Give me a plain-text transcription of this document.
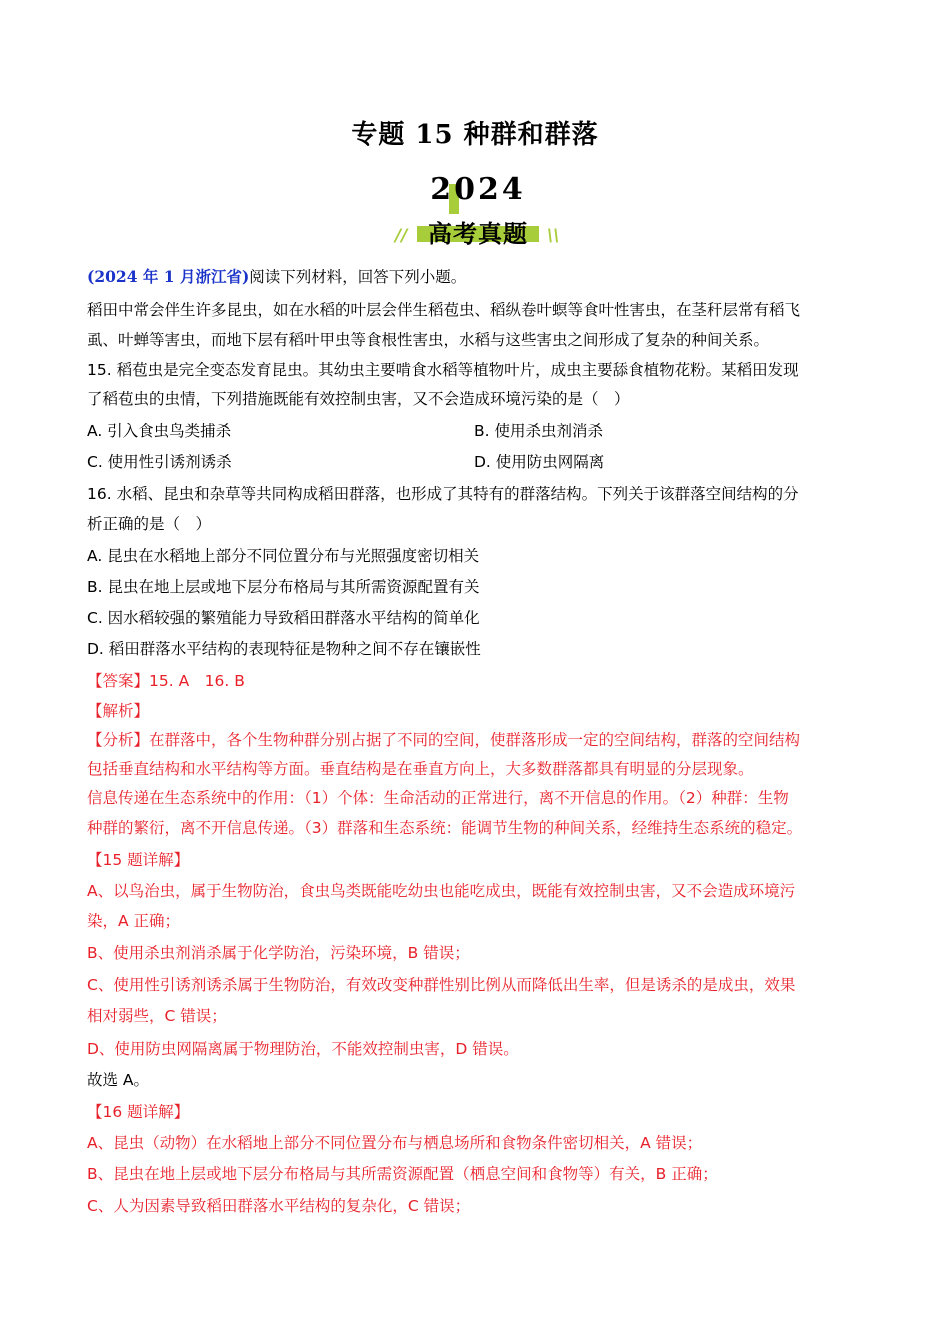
专题 15 种群和群落
2024
// 高考真题	\\
(2024 年 1 月浙江省)阅读下列材料，回答下列小题。
稻田中常会伴生许多昆虫，如在水稻的叶层会伴生稻苞虫、稻纵卷叶螟等食叶性害虫，在茎秆层常有稻飞
虱、叶蝉等害虫，而地下层有稻叶甲虫等食根性害虫，水稻与这些害虫之间形成了复杂的种间关系。
15. 稻苞虫是完全变态发育昆虫。其幼虫主要啃食水稻等植物叶片，成虫主要舔食植物花粉。某稻田发现
了稻苞虫的虫情，下列措施既能有效控制虫害，又不会造成环境污染的是（　）
A. 引入食虫鸟类捕杀	B. 使用杀虫剂消杀
C. 使用性引诱剂诱杀	D. 使用防虫网隔离
16. 水稻、昆虫和杂草等共同构成稻田群落，也形成了其特有的群落结构。下列关于该群落空间结构的分
析正确的是（　）
A. 昆虫在水稻地上部分不同位置分布与光照强度密切相关
B. 昆虫在地上层或地下层分布格局与其所需资源配置有关
C. 因水稻较强的繁殖能力导致稻田群落水平结构的简单化
D. 稻田群落水平结构的表现特征是物种之间不存在镶嵌性
【答案】15. A　16. B
【解析】
【分析】在群落中，各个生物种群分别占据了不同的空间，使群落形成一定的空间结构，群落的空间结构
包括垂直结构和水平结构等方面。垂直结构是在垂直方向上，大多数群落都具有明显的分层现象。
信息传递在生态系统中的作用：（1）个体：生命活动的正常进行，离不开信息的作用。（2）种群：生物
种群的繁衍，离不开信息传递。（3）群落和生态系统：能调节生物的种间关系，经维持生态系统的稳定。
【15 题详解】
A、以鸟治虫，属于生物防治，食虫鸟类既能吃幼虫也能吃成虫，既能有效控制虫害，又不会造成环境污
染，A 正确；
B、使用杀虫剂消杀属于化学防治，污染环境，B 错误；
C、使用性引诱剂诱杀属于生物防治，有效改变种群性别比例从而降低出生率，但是诱杀的是成虫，效果
相对弱些，C 错误；
D、使用防虫网隔离属于物理防治，不能效控制虫害，D 错误。
故选 A。
【16 题详解】
A、昆虫（动物）在水稻地上部分不同位置分布与栖息场所和食物条件密切相关，A 错误；
B、昆虫在地上层或地下层分布格局与其所需资源配置（栖息空间和食物等）有关，B 正确；
C、人为因素导致稻田群落水平结构的复杂化，C 错误；
